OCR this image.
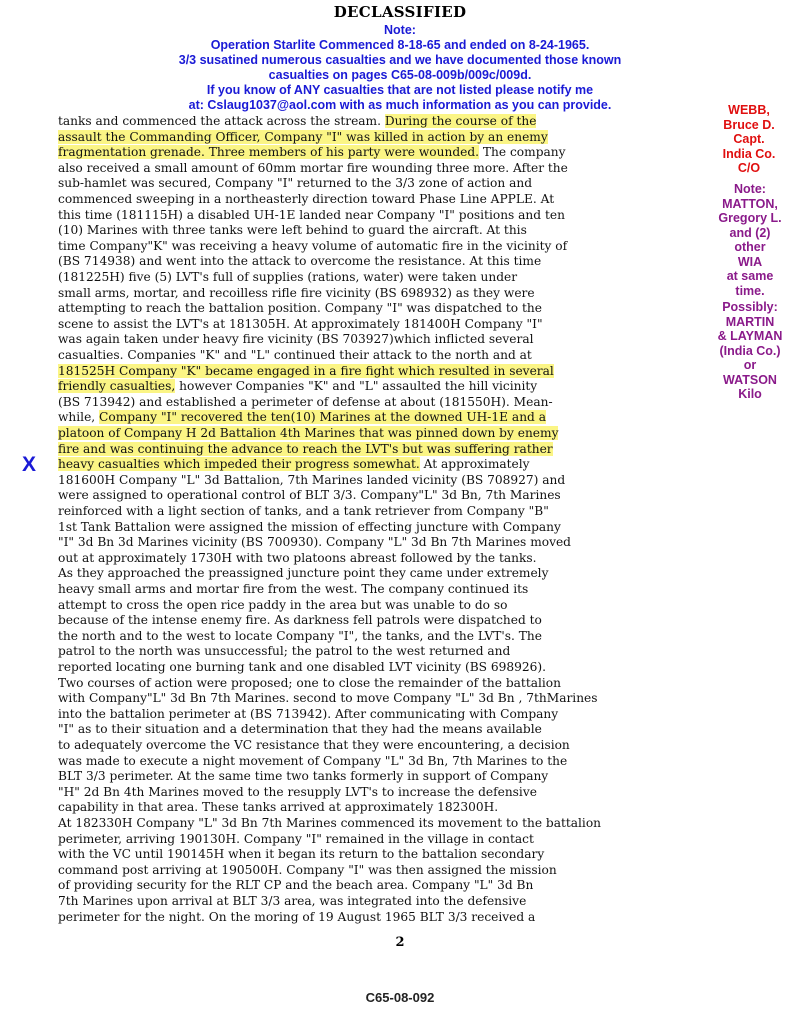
DECLASSIFIED
Note:
Operation Starlite Commenced 8-18-65 and ended on 8-24-1965.
3/3 susatined numerous casualties and we have documented those known
casualties on pages C65-08-009b/009c/009d.
If you know of ANY casualties that are not listed please notify me
at: Cslaug1037@aol.com with as much information as you can provide.
tanks and commenced the attack across the stream. During the course of the
assault the Commanding Officer, Company "I" was killed in action by an enemy
fragmentation grenade. Three members of his party were wounded. The company
also received a small amount of 60mm mortar fire wounding three more. After the
sub-hamlet was secured, Company "I" returned to the 3/3 zone of action and
commenced sweeping in a northeasterly direction toward Phase Line APPLE. At
this time (181115H) a disabled UH-1E landed near Company "I" positions and ten
(10) Marines with three tanks were left behind to guard the aircraft. At this
time Company"K" was receiving a heavy volume of automatic fire in the vicinity of
(BS 714938) and went into the attack to overcome the resistance. At this time
(181225H) five (5) LVT's full of supplies (rations, water) were taken under
small arms, mortar, and recoilless rifle fire vicinity (BS 698932) as they were
attempting to reach the battalion position. Company "I" was dispatched to the
scene to assist the LVT's at 181305H. At approximately 181400H Company "I"
was again taken under heavy fire vicinity (BS 703927)which inflicted several
casualties. Companies "K" and "L" continued their attack to the north and at
181525H Company "K" became engaged in a fire fight which resulted in several
friendly casualties, however Companies "K" and "L" assaulted the hill vicinity
(BS 713942) and established a perimeter of defense at about (181550H). Mean-
while, Company "I" recovered the ten(10) Marines at the downed UH-1E and a
platoon of Company H 2d Battalion 4th Marines that was pinned down by enemy
fire and was continuing the advance to reach the LVT's but was suffering rather
heavy casualties which impeded their progress somewhat. At approximately
181600H Company "L" 3d Battalion, 7th Marines landed vicinity (BS 708927) and
were assigned to operational control of BLT 3/3. Company"L" 3d Bn, 7th Marines
reinforced with a light section of tanks, and a tank retriever from Company "B"
1st Tank Battalion were assigned the mission of effecting juncture with Company
"I" 3d Bn 3d Marines vicinity (BS 700930). Company "L" 3d Bn 7th Marines moved
out at approximately 1730H with two platoons abreast followed by the tanks.
As they approached the preassigned juncture point they came under extremely
heavy small arms and mortar fire from the west. The company continued its
attempt to cross the open rice paddy in the area but was unable to do so
because of the intense enemy fire. As darkness fell patrols were dispatched to
the north and to the west to locate Company "I", the tanks, and the LVT's. The
patrol to the north was unsuccessful; the patrol to the west returned and
reported locating one burning tank and one disabled LVT vicinity (BS 698926).
Two courses of action were proposed; one to close the remainder of the battalion
with Company"L" 3d Bn 7th Marines. second to move Company "L" 3d Bn , 7thMarines
into the battalion perimeter at (BS 713942). After communicating with Company
"I" as to their situation and a determination that they had the means available
to adequately overcome the VC resistance that they were encountering, a decision
was made to execute a night movement of Company "L" 3d Bn, 7th Marines to the
BLT 3/3 perimeter. At the same time two tanks formerly in support of Company
"H" 2d Bn 4th Marines moved to the resupply LVT's to increase the defensive
capability in that area. These tanks arrived at approximately 182300H.
At 182330H Company "L" 3d Bn 7th Marines commenced its movement to the battalion
perimeter, arriving 190130H. Company "I" remained in the village in contact
with the VC until 190145H when it began its return to the battalion secondary
command post arriving at 190500H. Company "I" was then assigned the mission
of providing security for the RLT CP and the beach area. Company "L" 3d Bn
7th Marines upon arrival at BLT 3/3 area, was integrated into the defensive
perimeter for the night. On the moring of 19 August 1965 BLT 3/3 received a
WEBB,
Bruce D.
Capt.
India Co.
C/O
Note:
MATTON,
Gregory L.
and (2)
other
WIA
at same
time.
Possibly:
MARTIN
& LAYMAN
(India Co.)
or
WATSON
Kilo
X
2
C65-08-092
